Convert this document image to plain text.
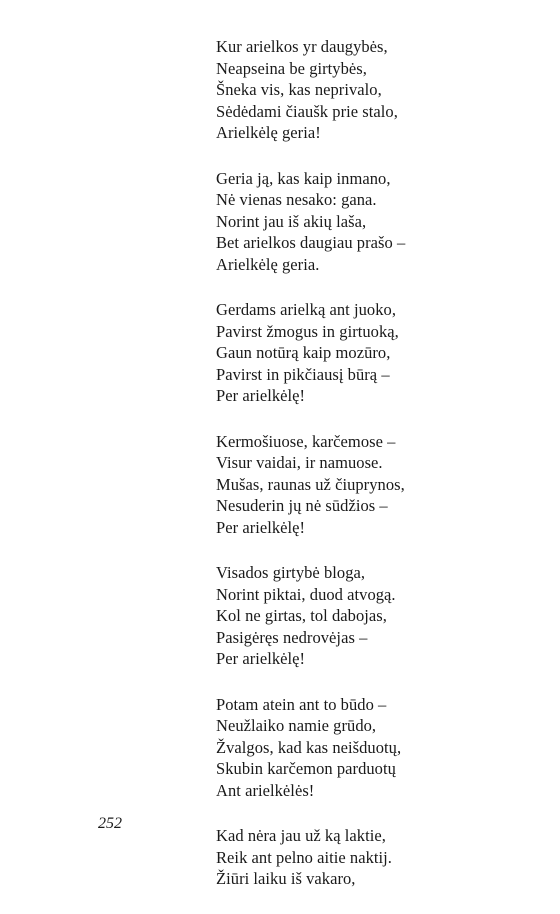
Kur arielkos yr daugybės,
Neapseina be girtybės,
Šneka vis, kas neprivalo,
Sėdėdami čiaušk prie stalo,
Arielkėlę geria!
Geria ją, kas kaip inmano,
Nė vienas nesako: gana.
Norint jau iš akių laša,
Bet arielkos daugiau prašo –
Arielkėlę geria.
Gerdams arielką ant juoko,
Pavirst žmogus in girtuoką,
Gaun notūrą kaip mozūro,
Pavirst in pikčiausį būrą –
Per arielkėlę!
Kermošiuose, karčemose –
Visur vaidai, ir namuose.
Mušas, raunas už čiuprynos,
Nesuderin jų nė sūdžios –
Per arielkėlę!
Visados girtybė bloga,
Norint piktai, duod atvogą.
Kol ne girtas, tol dabojas,
Pasigėręs nedrovėjas –
Per arielkėlę!
Potam atein ant to būdo –
Neužlaiko namie grūdo,
Žvalgos, kad kas neišduotų,
Skubin karčemon parduotų
Ant arielkėlės!
Kad nėra jau už ką laktie,
Reik ant pelno aitie naktij.
Žiūri laiku iš vakaro,
252
